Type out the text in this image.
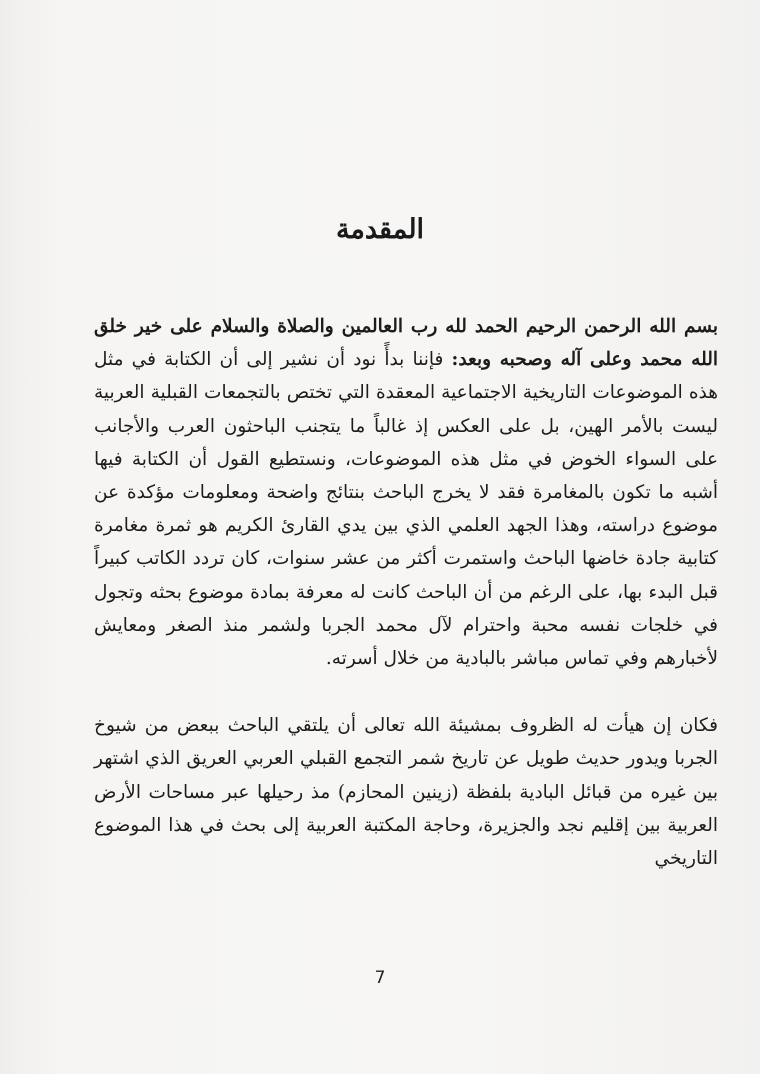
المقدمة

بسم الله الرحمن الرحيم الحمد لله رب العالمين والصلاة والسلام على خير خلق الله محمد وعلى آله وصحبه وبعد: فإننا بدأً نود أن نشير إلى أن الكتابة في مثل هذه الموضوعات التاريخية الاجتماعية المعقدة التي تختص بالتجمعات القبلية العربية ليست بالأمر الهين، بل على العكس إذ غالباً ما يتجنب الباحثون العرب والأجانب على السواء الخوض في مثل هذه الموضوعات، ونستطيع القول أن الكتابة فيها أشبه ما تكون بالمغامرة فقد لا يخرج الباحث بنتائج واضحة ومعلومات مؤكدة عن موضوع دراسته، وهذا الجهد العلمي الذي بين يدي القارئ الكريم هو ثمرة مغامرة كتابية جادة خاضها الباحث واستمرت أكثر من عشر سنوات، كان تردد الكاتب كبيراً قبل البدء بها، على الرغم من أن الباحث كانت له معرفة بمادة موضوع بحثه وتجول في خلجات نفسه محبة واحترام لآل محمد الجربا ولشمر منذ الصغر ومعايش لأخبارهم وفي تماس مباشر بالبادية من خلال أسرته.

فكان إن هيأت له الظروف بمشيئة الله تعالى أن يلتقي الباحث ببعض من شيوخ الجربا ويدور حديث طويل عن تاريخ شمر التجمع القبلي العربي العريق الذي اشتهر بين غيره من قبائل البادية بلفظة (زينين المحازم) مذ رحيلها عبر مساحات الأرض العربية بين إقليم نجد والجزيرة، وحاجة المكتبة العربية إلى بحث في هذا الموضوع التاريخي

7
